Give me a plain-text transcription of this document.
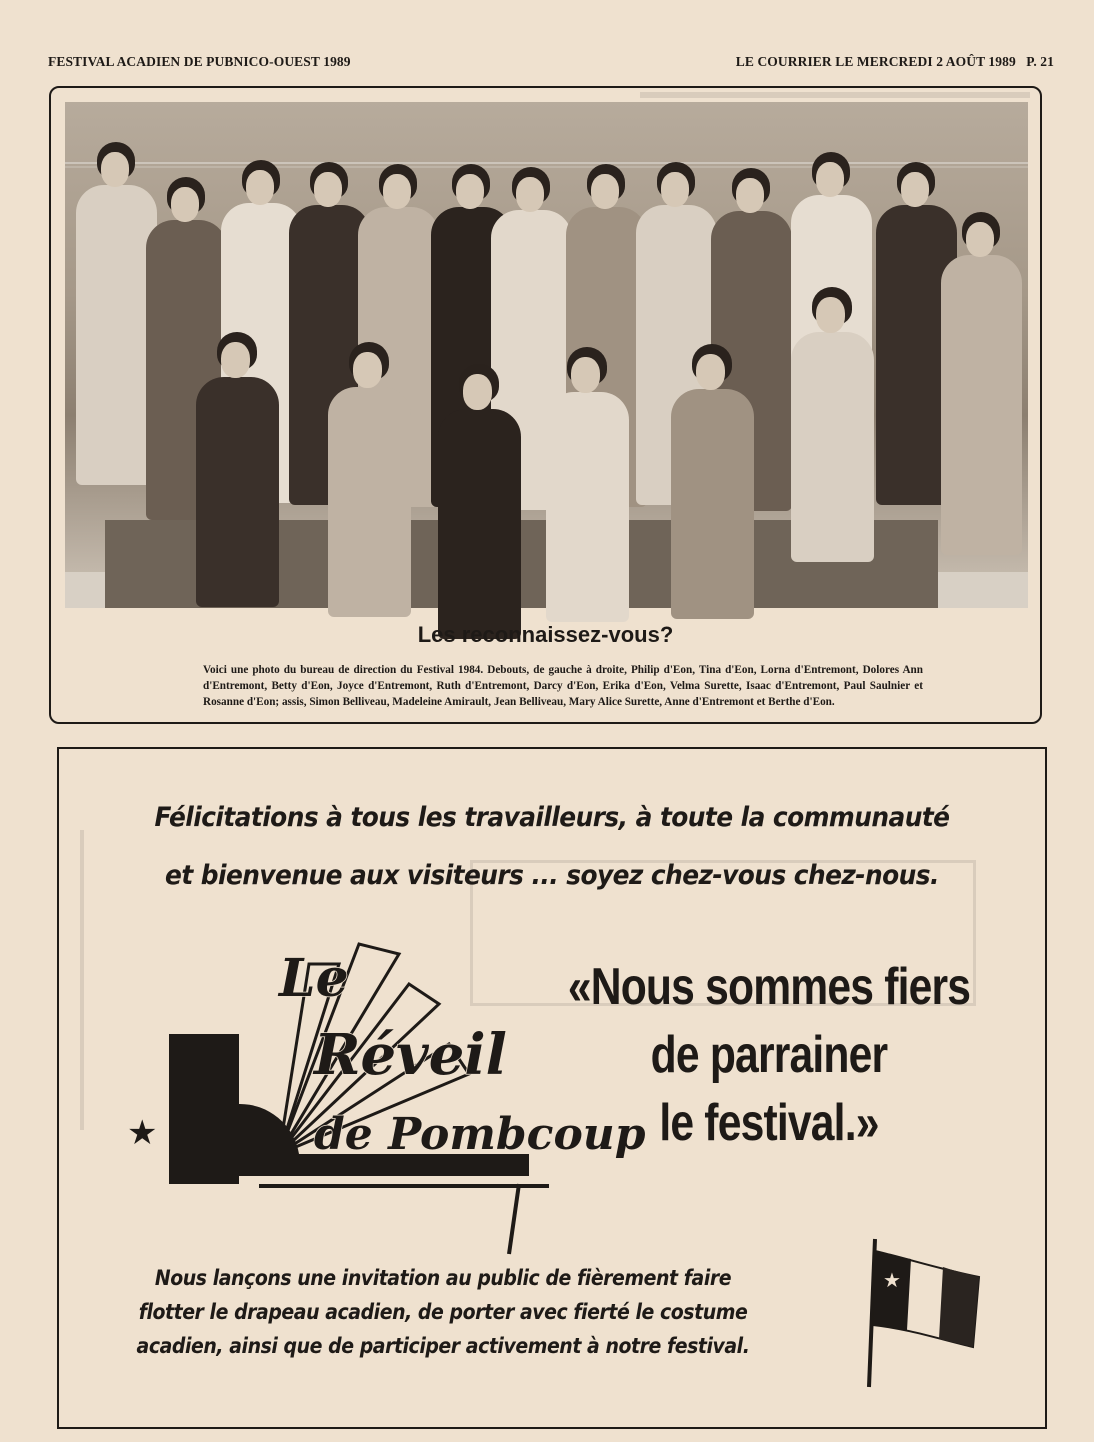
FESTIVAL ACADIEN DE PUBNICO-OUEST 1989	LE COURRIER LE MERCREDI 2 AOÛT 1989   P. 21
Les reconnaissez-vous?
Voici une photo du bureau de direction du Festival 1984. Debouts, de gauche à droite, Philip d'Eon, Tina d'Eon, Lorna d'Entremont, Dolores Ann d'Entremont, Betty d'Eon, Joyce d'Entremont, Ruth d'Entremont, Darcy d'Eon, Erika d'Eon, Velma Surette, Isaac d'Entremont, Paul Saulnier et Rosanne d'Eon; assis, Simon Belliveau, Madeleine Amirault, Jean Belliveau, Mary Alice Surette, Anne d'Entremont et Berthe d'Eon.
Félicitations à tous les travailleurs, à toute la communauté
et bienvenue aux visiteurs ... soyez chez-vous chez-nous.
★
Le
Réveil
de Pombcoup
«Nous sommes fiers
de parrainer
le festival.»
Nous lançons une invitation au public de fièrement faire
flotter le drapeau acadien, de porter avec fierté le costume
acadien, ainsi que de participer activement à notre festival.
★
